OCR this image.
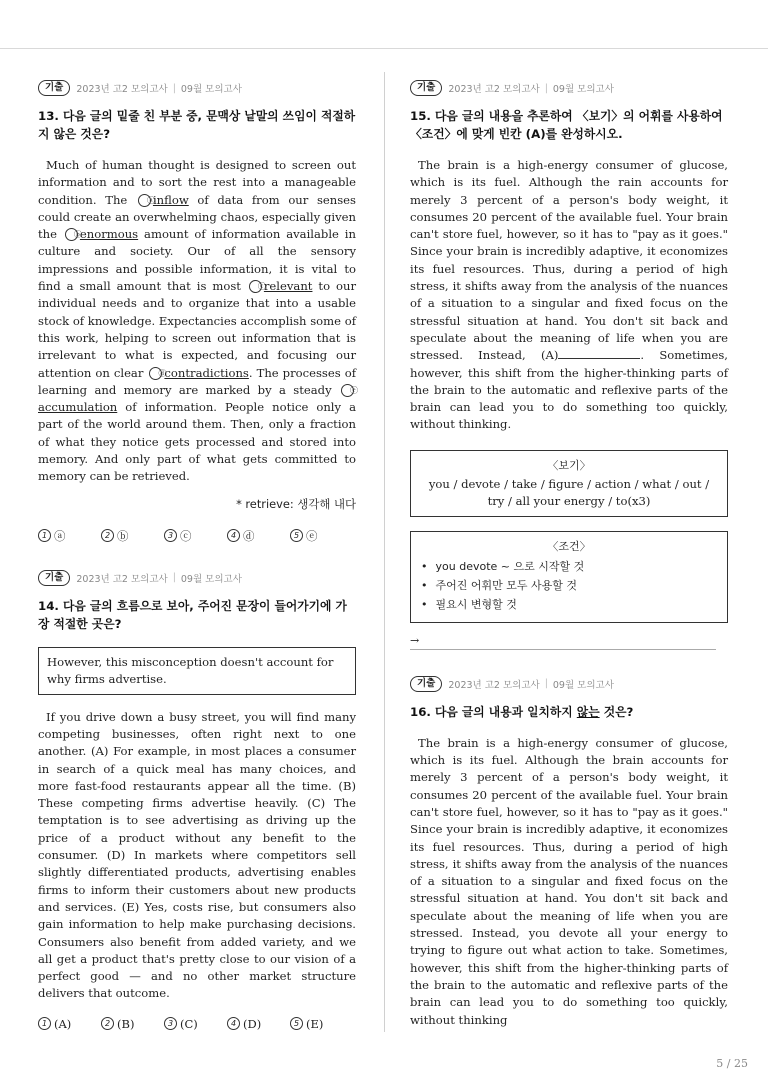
기출	2023년 고2 모의고사 | 09월 모의고사
13. 다음 글의 밑줄 친 부분 중, 문맥상 낱말의 쓰임이 적절하지 않은 것은?

Much of human thought is designed to screen out information and to sort the rest into a manageable condition. The ⓐinflow of data from our senses could create an overwhelming chaos, especially given the ⓑenormous amount of information available in culture and society. Our of all the sensory impressions and possible information, it is vital to find a small amount that is most ⓒrelevant to our individual needs and to organize that into a usable stock of knowledge. Expectancies accomplish some of this work, helping to screen out information that is irrelevant to what is expected, and focusing our attention on clear ⓓcontradictions. The processes of learning and memory are marked by a steady ⓔaccumulation of information. People notice only a part of the world around them. Then, only a fraction of what they notice gets processed and stored into memory. And only part of what gets committed to memory can be retrieved.

* retrieve: 생각해 내다
1 ⓐ	2 ⓑ	3 ⓒ	4 ⓓ	5 ⓔ
기출	2023년 고2 모의고사 | 09월 모의고사
14. 다음 글의 흐름으로 보아, 주어진 문장이 들어가기에 가장 적절한 곳은?
However, this misconception doesn't account for why firms advertise.

If you drive down a busy street, you will find many competing businesses, often right next to one another. (A) For example, in most places a consumer in search of a quick meal has many choices, and more fast-food restaurants appear all the time. (B) These competing firms advertise heavily. (C) The temptation is to see advertising as driving up the price of a product without any benefit to the consumer. (D) In markets where competitors sell slightly differentiated products, advertising enables firms to inform their customers about new products and services. (E) Yes, costs rise, but consumers also gain information to help make purchasing decisions. Consumers also benefit from added variety, and we all get a product that's pretty close to our vision of a perfect good — and no other market structure delivers that outcome.

1 (A)	2 (B)	3 (C)	4 (D)	5 (E)
기출	2023년 고2 모의고사 | 09월 모의고사
15. 다음 글의 내용을 추론하여 〈보기〉의 어휘를 사용하여 〈조건〉에 맞게 빈칸 (A)를 완성하시오.

The brain is a high-energy consumer of glucose, which is its fuel. Although the rain accounts for merely 3 percent of a person's body weight, it consumes 20 percent of the available fuel. Your brain can't store fuel, however, so it has to "pay as it goes." Since your brain is incredibly adaptive, it economizes its fuel resources. Thus, during a period of high stress, it shifts away from the analysis of the nuances of a situation to a singular and fixed focus on the stressful situation at hand. You don't sit back and speculate about the meaning of life when you are stressed. Instead, (A)	. Sometimes, however, this shift from the higher-thinking parts of the brain to the automatic and reflexive parts of the brain can lead you to do something too quickly, without thinking.

〈보기〉
you / devote / take / figure / action / what / out / try / all your energy / to(x3)
〈조건〉
• you devote ~ 으로 시작할 것
• 주어진 어휘만 모두 사용할 것
• 필요시 변형할 것
→
기출	2023년 고2 모의고사 | 09월 모의고사
16. 다음 글의 내용과 일치하지 않는 것은?

The brain is a high-energy consumer of glucose, which is its fuel. Although the brain accounts for merely 3 percent of a person's body weight, it consumes 20 percent of the available fuel. Your brain can't store fuel, however, so it has to "pay as it goes." Since your brain is incredibly adaptive, it economizes its fuel resources. Thus, during a period of high stress, it shifts away from the analysis of the nuances of a situation to a singular and fixed focus on the stressful situation at hand. You don't sit back and speculate about the meaning of life when you are stressed. Instead, you devote all your energy to trying to figure out what action to take. Sometimes, however, this shift from the higher-thinking parts of the brain to the automatic and reflexive parts of the brain can lead you to do something too quickly, without thinking

5 / 25
